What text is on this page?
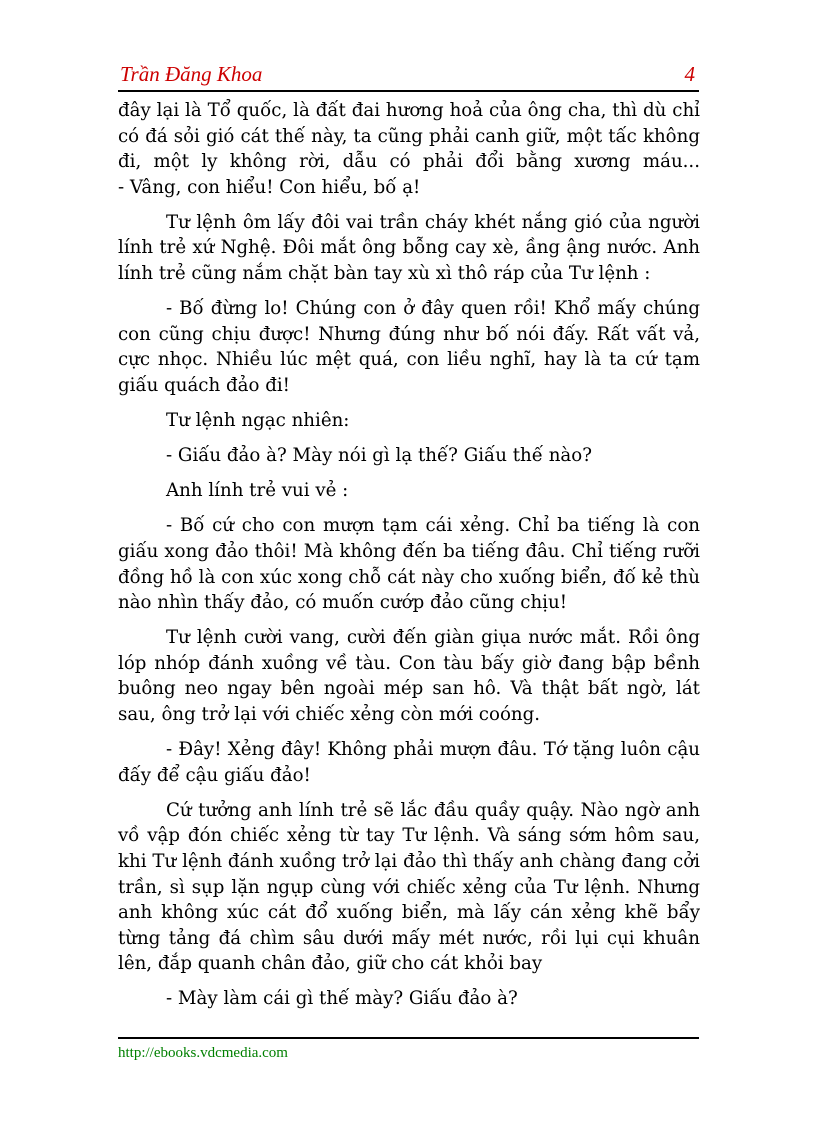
Trần Đăng Khoa	4

đây lại là Tổ quốc, là đất đai hương hoả của ông cha, thì dù chỉ có đá sỏi gió cát thế này, ta cũng phải canh giữ, một tấc không đi, một ly không rời, dẫu có phải đổi bằng xương máu...

- Vâng, con hiểu! Con hiểu, bố ạ!

Tư lệnh ôm lấy đôi vai trần cháy khét nắng gió của người lính trẻ xứ Nghệ. Đôi mắt ông bỗng cay xè, ầng ậng nước. Anh lính trẻ cũng nắm chặt bàn tay xù xì thô ráp của Tư lệnh :

- Bố đừng lo! Chúng con ở đây quen rồi! Khổ mấy chúng con cũng chịu được! Nhưng đúng như bố nói đấy. Rất vất vả, cực nhọc. Nhiều lúc mệt quá, con liều nghĩ, hay là ta cứ tạm giấu quách đảo đi!

Tư lệnh ngạc nhiên:

- Giấu đảo à? Mày nói gì lạ thế? Giấu thế nào?

Anh lính trẻ vui vẻ :

- Bố cứ cho con mượn tạm cái xẻng. Chỉ ba tiếng là con giấu xong đảo thôi! Mà không đến ba tiếng đâu. Chỉ tiếng rưỡi đồng hồ là con xúc xong chỗ cát này cho xuống biển, đố kẻ thù nào nhìn thấy đảo, có muốn cướp đảo cũng chịu!

Tư lệnh cười vang, cười đến giàn giụa nước mắt. Rồi ông lóp nhóp đánh xuồng về tàu. Con tàu bấy giờ đang bập bềnh buông neo ngay bên ngoài mép san hô. Và thật bất ngờ, lát sau, ông trở lại với chiếc xẻng còn mới coóng.

- Đây! Xẻng đây! Không phải mượn đâu. Tớ tặng luôn cậu đấy để cậu giấu đảo!

Cứ tưởng anh lính trẻ sẽ lắc đầu quầy quậy. Nào ngờ anh vồ vập đón chiếc xẻng từ tay Tư lệnh. Và sáng sớm hôm sau, khi Tư lệnh đánh xuồng trở lại đảo thì thấy anh chàng đang cởi trần, sì sụp lặn ngụp cùng với chiếc xẻng của Tư lệnh. Nhưng anh không xúc cát đổ xuống biển, mà lấy cán xẻng khẽ bẩy từng tảng đá chìm sâu dưới mấy mét nước, rồi lụi cụi khuân lên, đắp quanh chân đảo, giữ cho cát khỏi bay

- Mày làm cái gì thế mày? Giấu đảo à?

http://ebooks.vdcmedia.com
